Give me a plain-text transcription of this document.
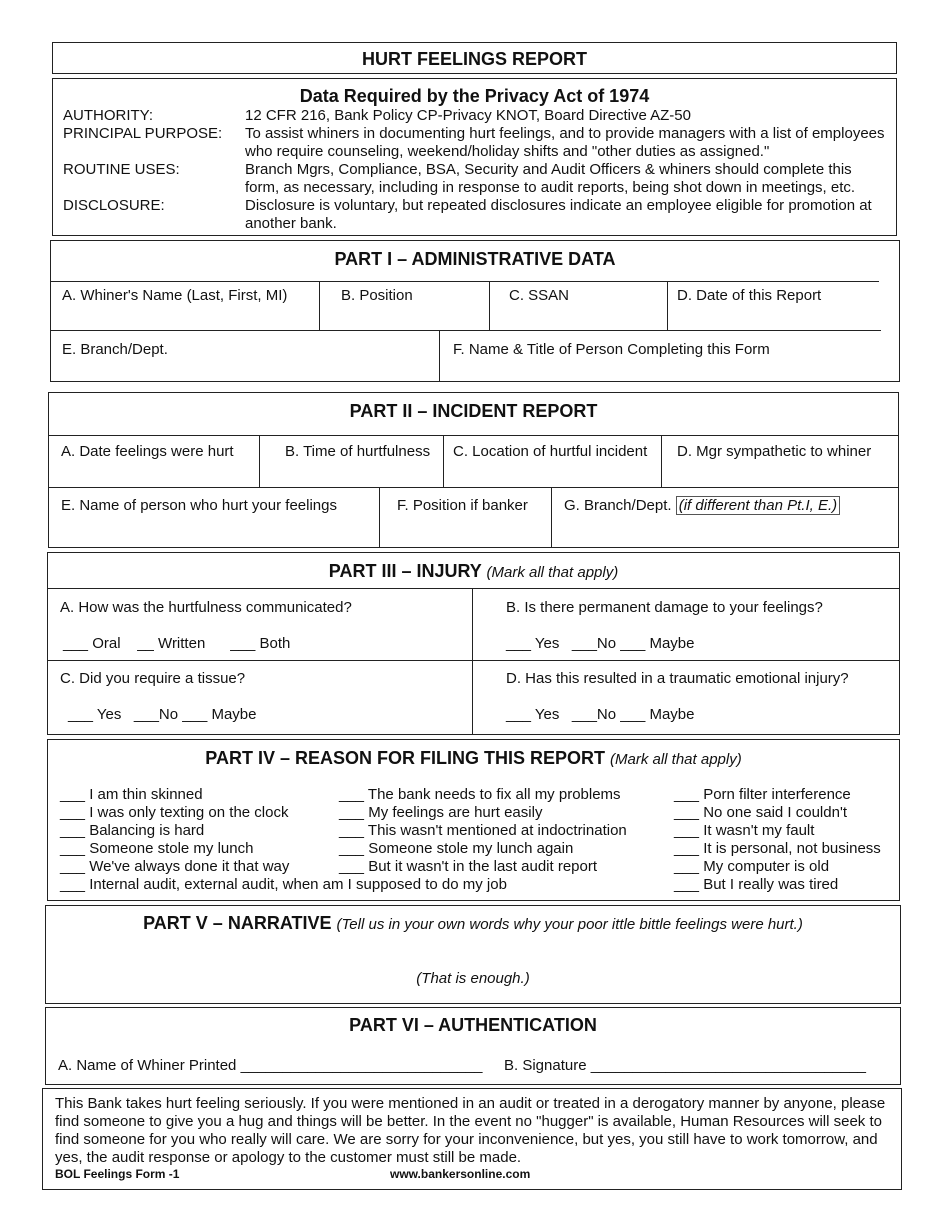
HURT FEELINGS REPORT
Data Required by the Privacy Act of 1974
AUTHORITY:	12 CFR 216, Bank Policy CP-Privacy KNOT, Board Directive AZ-50
PRINCIPAL PURPOSE:	To assist whiners in documenting hurt feelings, and to provide managers with a list of employees who require counseling, weekend/holiday shifts and "other duties as assigned."
ROUTINE USES:	Branch Mgrs, Compliance, BSA, Security and Audit Officers & whiners should complete this form, as necessary, including in response to audit reports, being shot down in meetings, etc.
DISCLOSURE:	Disclosure is voluntary, but repeated disclosures indicate an employee eligible for promotion at another bank.
PART I – ADMINISTRATIVE DATA
A. Whiner's Name (Last, First, MI)	B. Position	C. SSAN	D. Date of this Report
E. Branch/Dept.	F. Name & Title of Person Completing this Form
PART II – INCIDENT REPORT
A. Date feelings were hurt	B. Time of hurtfulness C. Location of hurtful incident D. Mgr sympathetic to whiner
E. Name of person who hurt your feelings	F. Position if banker G. Branch/Dept. (if different than Pt.I, E.)
PART III – INJURY (Mark all that apply)
A. How was the hurtfulness communicated?
___ Oral    __ Written      ___ Both
B. Is there permanent damage to your feelings?
___ Yes   ___No ___ Maybe
C. Did you require a tissue?
___ Yes   ___No ___ Maybe
D. Has this resulted in a traumatic emotional injury?
___ Yes   ___No ___ Maybe
PART IV – REASON FOR FILING THIS REPORT (Mark all that apply)
___ I am thin skinned
___ I was only texting on the clock
___ Balancing is hard
___ Someone stole my lunch
___ We've always done it that way
___ Internal audit, external audit, when am I supposed to do my job
___ The bank needs to fix all my problems
___ My feelings are hurt easily
___ This wasn't mentioned at indoctrination
___ Someone stole my lunch again
___ But it wasn't in the last audit report
___ Porn filter interference
___ No one said I couldn't
___ It wasn't my fault
___ It is personal, not business
___ My computer is old
___ But I really was tired
PART V – NARRATIVE (Tell us in your own words why your poor ittle bittle feelings were hurt.)
(That is enough.)
PART VI – AUTHENTICATION
A. Name of Whiner Printed _____________________________ B. Signature _________________________________
This Bank takes hurt feeling seriously. If you were mentioned in an audit or treated in a derogatory manner by anyone, please find someone to give you a hug and things will be better. In the event no "hugger" is available, Human Resources will seek to find someone for you who really will care. We are sorry for your inconvenience, but yes, you still have to work tomorrow, and yes, the audit response or apology to the customer must still be made.
BOL Feelings Form -1	www.bankersonline.com
